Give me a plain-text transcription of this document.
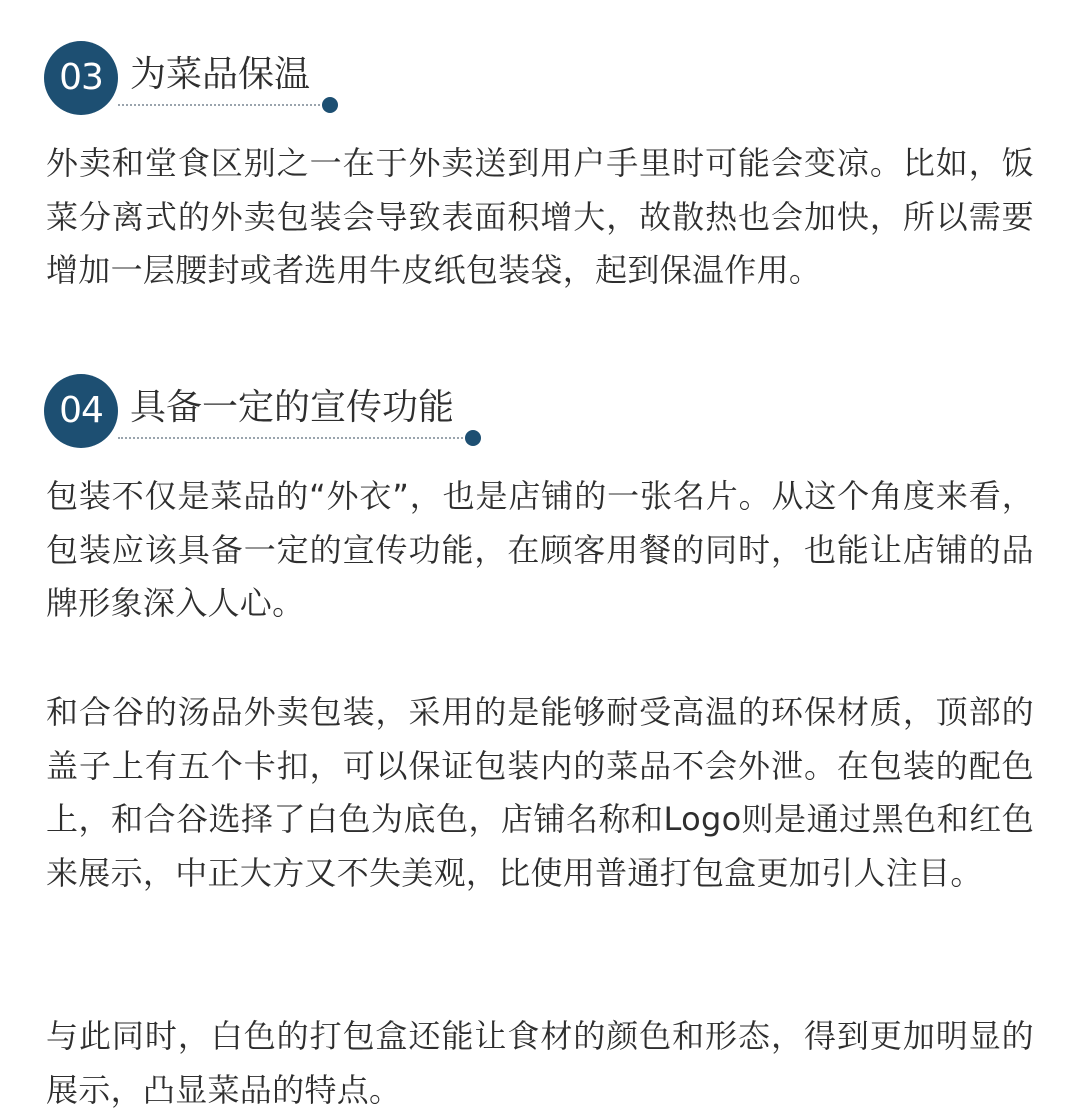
03 为菜品保温

外卖和堂食区别之一在于外卖送到用户手里时可能会变凉。比如，饭菜分离式的外卖包装会导致表面积增大，故散热也会加快，所以需要增加一层腰封或者选用牛皮纸包装袋，起到保温作用。

04 具备一定的宣传功能

包装不仅是菜品的“外衣”，也是店铺的一张名片。从这个角度来看，包装应该具备一定的宣传功能，在顾客用餐的同时，也能让店铺的品牌形象深入人心。

和合谷的汤品外卖包装，采用的是能够耐受高温的环保材质，顶部的盖子上有五个卡扣，可以保证包装内的菜品不会外泄。在包装的配色上，和合谷选择了白色为底色，店铺名称和Logo则是通过黑色和红色来展示，中正大方又不失美观，比使用普通打包盒更加引人注目。

与此同时，白色的打包盒还能让食材的颜色和形态，得到更加明显的展示，凸显菜品的特点。
